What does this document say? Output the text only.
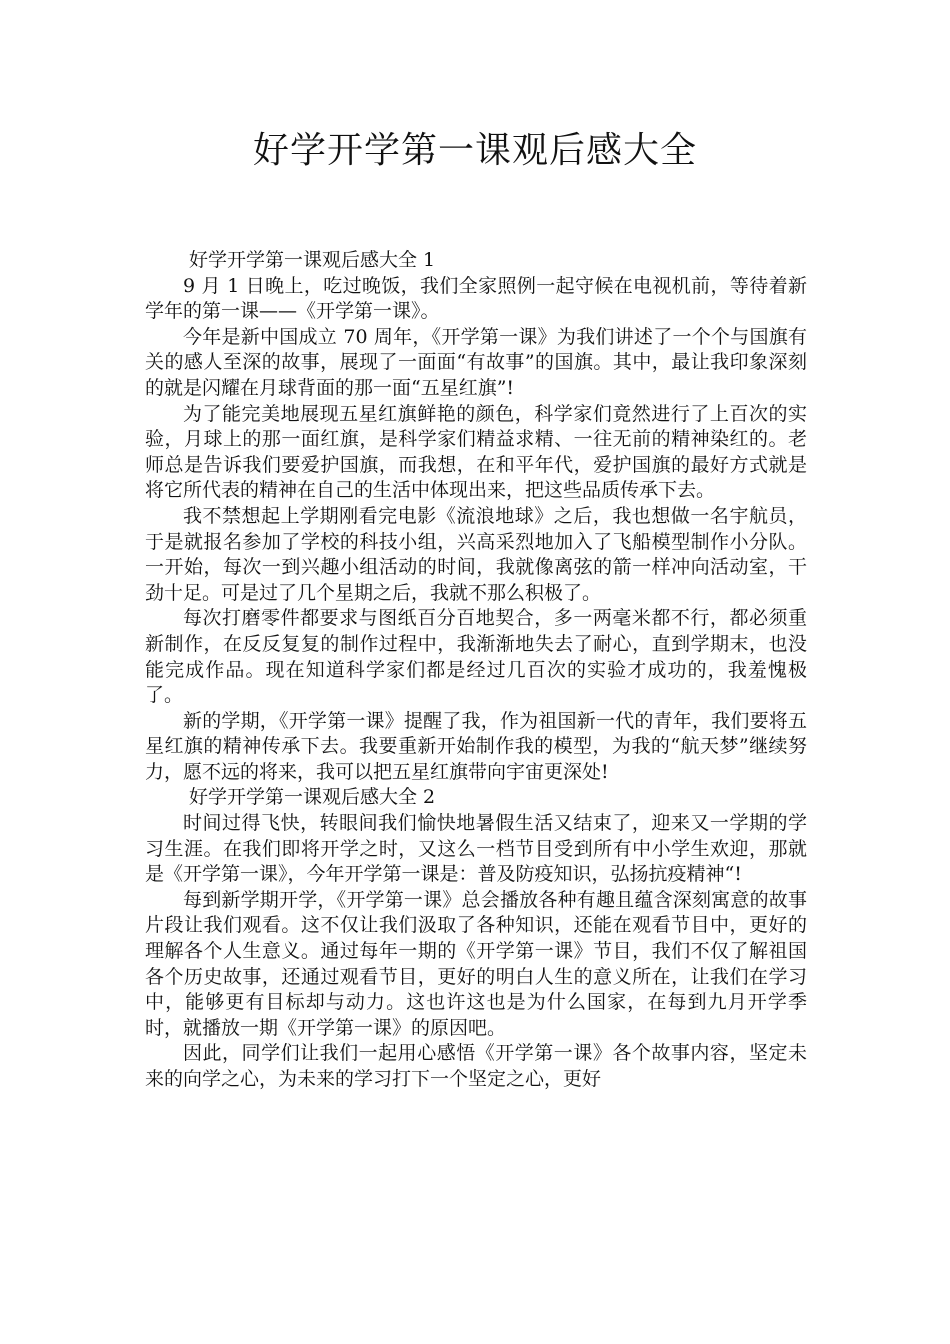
好学开学第一课观后感大全

好学开学第一课观后感大全 1

9 月 1 日晚上，吃过晚饭，我们全家照例一起守候在电视机前，等待着新学年的第一课——《开学第一课》。

今年是新中国成立 70 周年，《开学第一课》为我们讲述了一个个与国旗有关的感人至深的故事，展现了一面面“有故事”的国旗。其中，最让我印象深刻的就是闪耀在月球背面的那一面“五星红旗”!

为了能完美地展现五星红旗鲜艳的颜色，科学家们竟然进行了上百次的实验，月球上的那一面红旗，是科学家们精益求精、一往无前的精神染红的。老师总是告诉我们要爱护国旗，而我想，在和平年代，爱护国旗的最好方式就是将它所代表的精神在自己的生活中体现出来，把这些品质传承下去。

我不禁想起上学期刚看完电影《流浪地球》之后，我也想做一名宇航员，于是就报名参加了学校的科技小组，兴高采烈地加入了飞船模型制作小分队。一开始，每次一到兴趣小组活动的时间，我就像离弦的箭一样冲向活动室，干劲十足。可是过了几个星期之后，我就不那么积极了。

每次打磨零件都要求与图纸百分百地契合，多一两毫米都不行，都必须重新制作，在反反复复的制作过程中，我渐渐地失去了耐心，直到学期末，也没能完成作品。现在知道科学家们都是经过几百次的实验才成功的，我羞愧极了。

新的学期，《开学第一课》提醒了我，作为祖国新一代的青年，我们要将五星红旗的精神传承下去。我要重新开始制作我的模型，为我的“航天梦”继续努力，愿不远的将来，我可以把五星红旗带向宇宙更深处!

好学开学第一课观后感大全 2

时间过得飞快，转眼间我们愉快地暑假生活又结束了，迎来又一学期的学习生涯。在我们即将开学之时，又这么一档节目受到所有中小学生欢迎，那就是《开学第一课》，今年开学第一课是：普及防疫知识，弘扬抗疫精神“!

每到新学期开学，《开学第一课》总会播放各种有趣且蕴含深刻寓意的故事片段让我们观看。这不仅让我们汲取了各种知识，还能在观看节目中，更好的理解各个人生意义。通过每年一期的《开学第一课》节目，我们不仅了解祖国各个历史故事，还通过观看节目，更好的明白人生的意义所在，让我们在学习中，能够更有目标却与动力。这也许这也是为什么国家，在每到九月开学季时，就播放一期《开学第一课》的原因吧。

因此，同学们让我们一起用心感悟《开学第一课》各个故事内容，坚定未来的向学之心，为未来的学习打下一个坚定之心，更好
